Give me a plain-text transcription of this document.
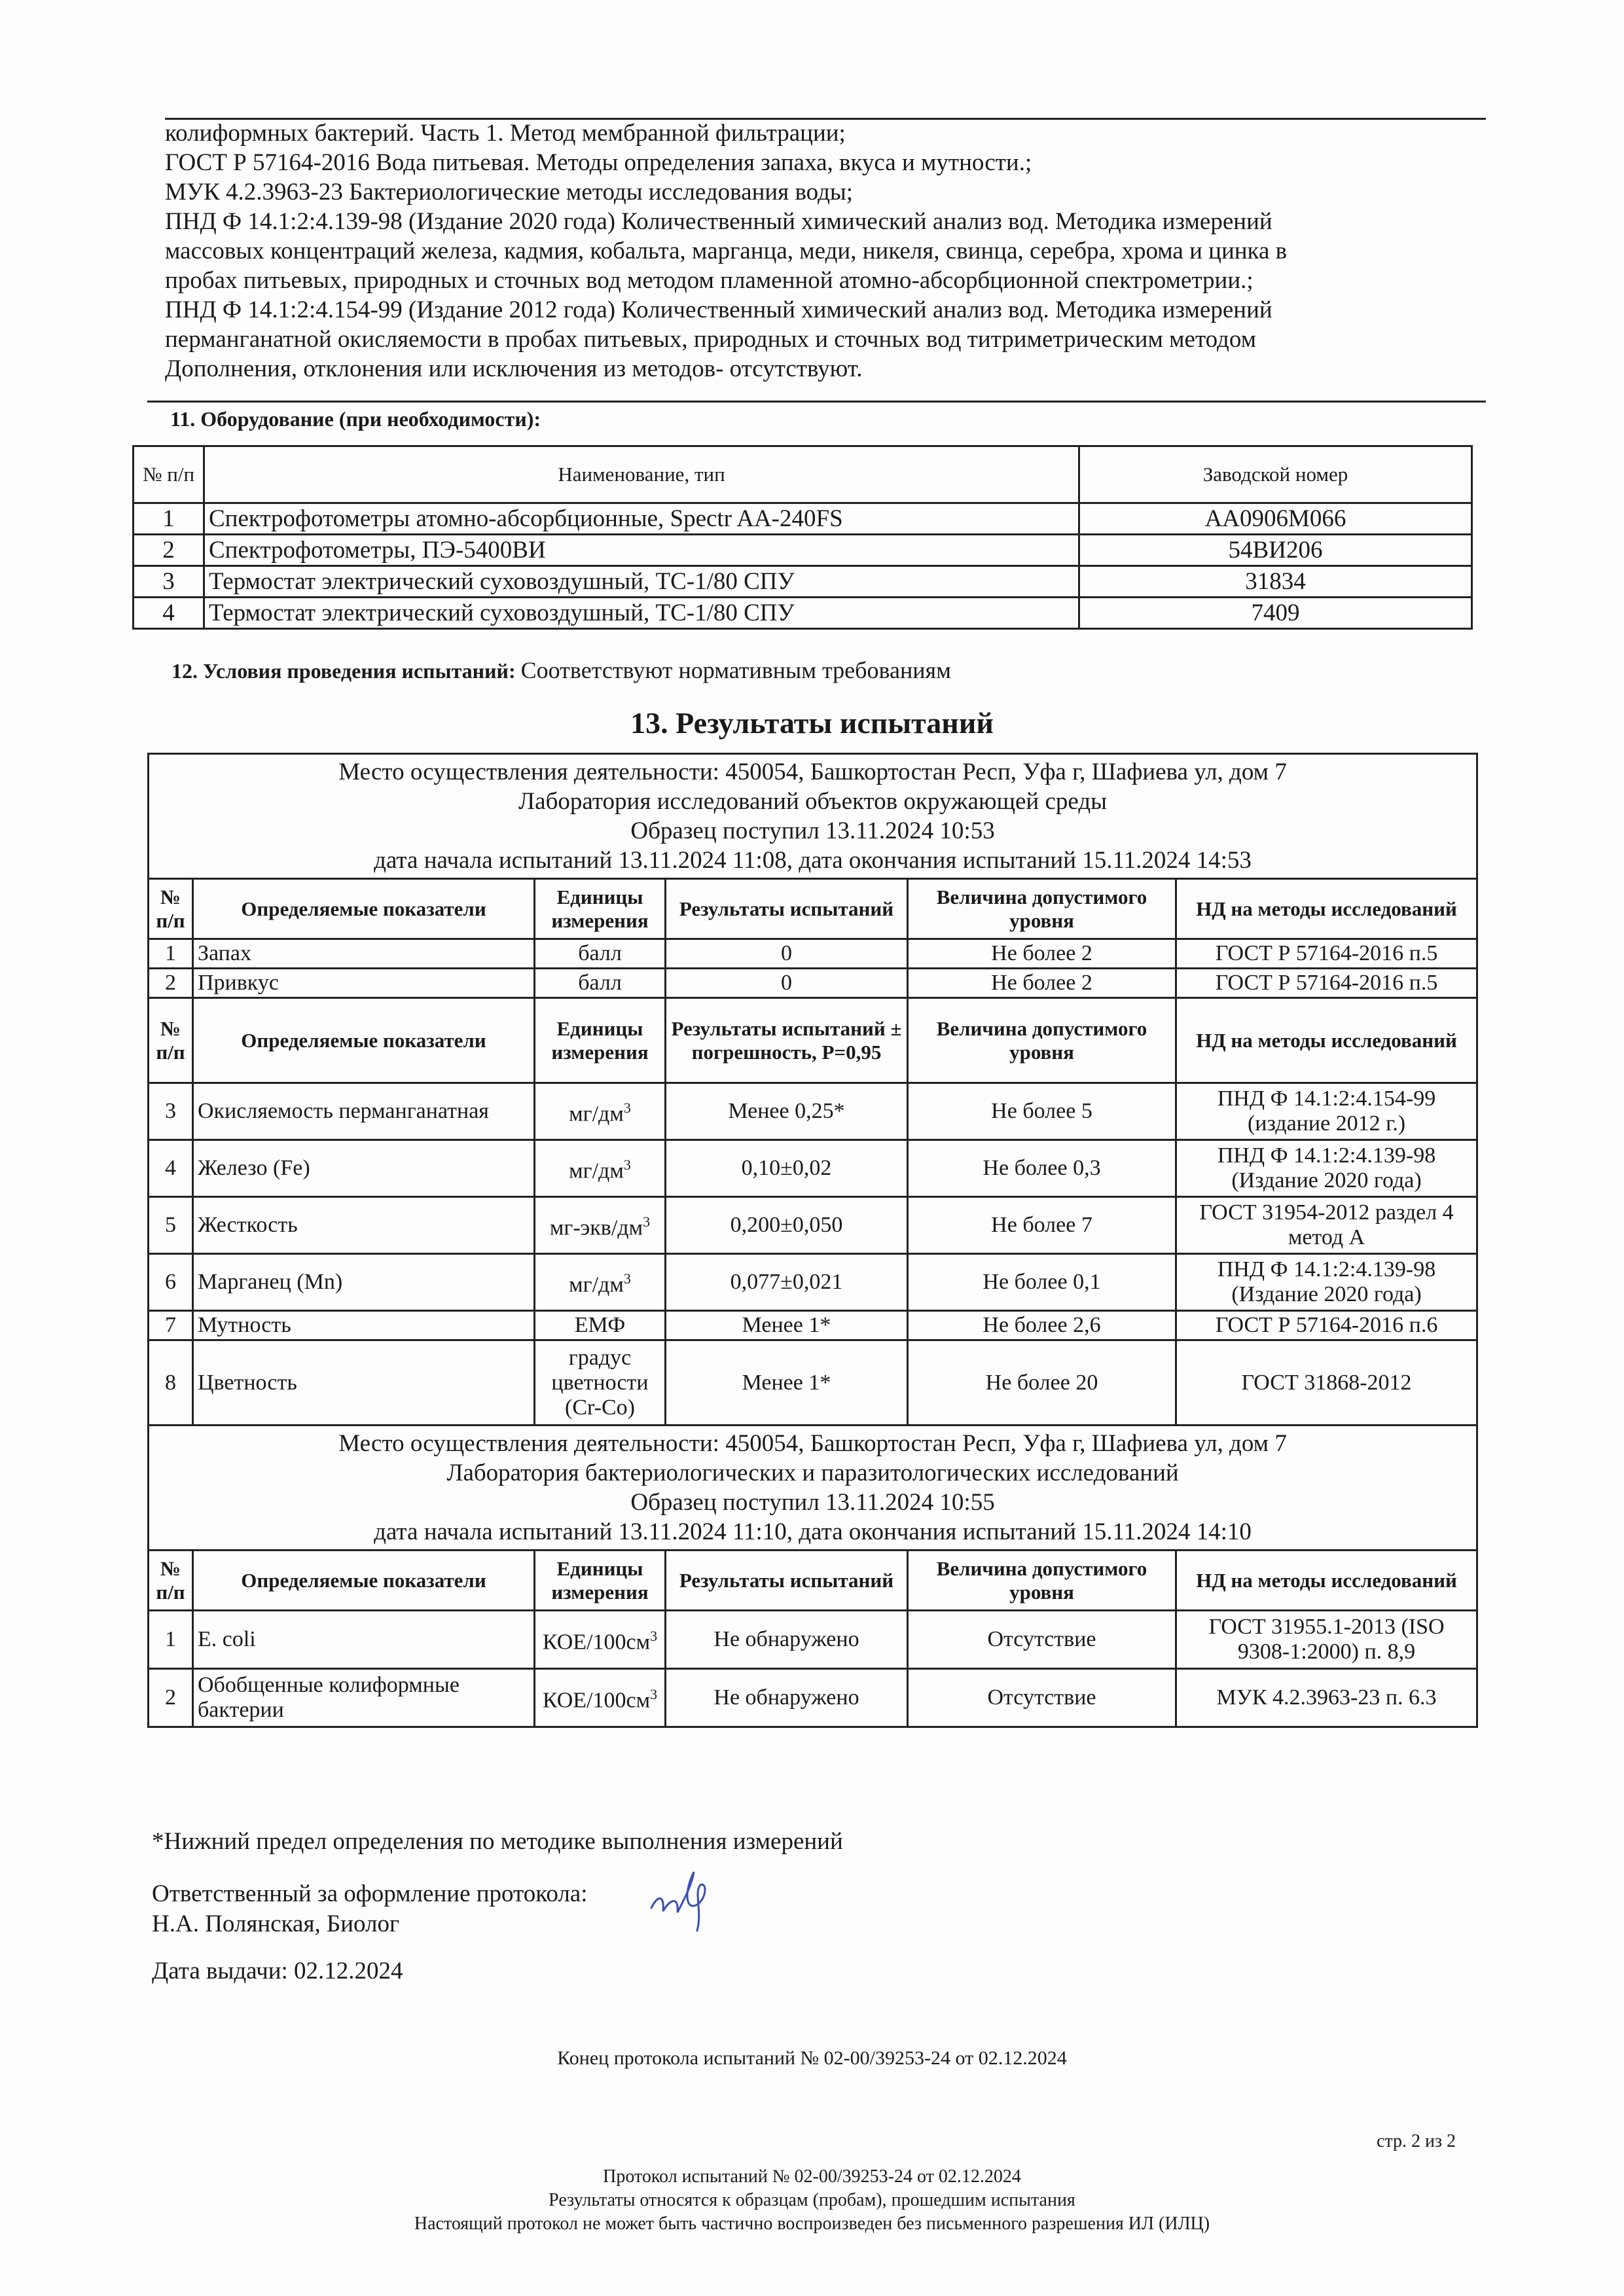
колиформных бактерий. Часть 1. Метод мембранной фильтрации;
ГОСТ Р 57164-2016 Вода питьевая. Методы определения запаха, вкуса и мутности.;
МУК 4.2.3963-23 Бактериологические методы исследования воды;
ПНД Ф 14.1:2:4.139-98 (Издание 2020 года) Количественный химический анализ вод. Методика измерений
массовых концентраций железа, кадмия, кобальта, марганца, меди, никеля, свинца, серебра, хрома и цинка в
пробах питьевых, природных и сточных вод методом пламенной атомно-абсорбционной спектрометрии.;
ПНД Ф 14.1:2:4.154-99 (Издание 2012 года) Количественный химический анализ вод. Методика измерений
перманганатной окисляемости в пробах питьевых, природных и сточных вод титриметрическим методом
Дополнения, отклонения или исключения из методов- отсутствуют.
11. Оборудование (при необходимости):
№ п/п	Наименование, тип	Заводской номер
1	Спектрофотометры атомно-абсорбционные, Spectr AA-240FS	AA0906M066
2	Спектрофотометры, ПЭ-5400ВИ	54ВИ206
3	Термостат электрический суховоздушный, ТС-1/80 СПУ	31834
4	Термостат электрический суховоздушный, ТС-1/80 СПУ	7409
12. Условия проведения испытаний: Соответствуют нормативным требованиям
13. Результаты испытаний
Место осуществления деятельности: 450054, Башкортостан Респ, Уфа г, Шафиева ул, дом 7
Лаборатория исследований объектов окружающей среды
Образец поступил 13.11.2024 10:53
дата начала испытаний 13.11.2024 11:08, дата окончания испытаний 15.11.2024 14:53					

№ п/п	Определяемые показатели	Единицы измерения	Результаты испытаний	Величина допустимого уровня	НД на методы исследований
1	Запах	балл	0	Не более 2	ГОСТ Р 57164-2016 п.5
2	Привкус	балл	0	Не более 2	ГОСТ Р 57164-2016 п.5
№ п/п	Определяемые показатели	Единицы измерения	Результаты испытаний ± погрешность, Р=0,95	Величина допустимого уровня	НД на методы исследований
3	Окисляемость перманганатная	$мг/дм^3$	Менее 0,25*	Не более 5	ПНД Ф 14.1:2:4.154-99 (издание 2012 г.)
4	Железо (Fe)	$мг/дм^3$	0,10±0,02	Не более 0,3	ПНД Ф 14.1:2:4.139-98 (Издание 2020 года)
5	Жесткость	$мг-экв/дм^3$	0,200±0,050	Не более 7	ГОСТ 31954-2012 раздел 4 метод А
6	Марганец (Mn)	$мг/дм^3$	0,077±0,021	Не более 0,1	ПНД Ф 14.1:2:4.139-98 (Издание 2020 года)
7	Мутность	ЕМФ	Менее 1*	Не более 2,6	ГОСТ Р 57164-2016 п.6
8	Цветность	градус цветности (Cr-Co)	Менее 1*	Не более 20	ГОСТ 31868-2012

Место осуществления деятельности: 450054, Башкортостан Респ, Уфа г, Шафиева ул, дом 7
Лаборатория бактериологических и паразитологических исследований
Образец поступил 13.11.2024 10:55
дата начала испытаний 13.11.2024 11:10, дата окончания испытаний 15.11.2024 14:10					

№ п/п	Определяемые показатели	Единицы измерения	Результаты испытаний	Величина допустимого уровня	НД на методы исследований
1	E. coli	КОЕ/$100см^3$	Не обнаружено	Отсутствие	ГОСТ 31955.1-2013 (ISO 9308-1:2000) п. 8,9
2	Обобщенные колиформные бактерии	КОЕ/$100см^3$	Не обнаружено	Отсутствие	МУК 4.2.3963-23 п. 6.3
*Нижний предел определения по методике выполнения измерений
Ответственный за оформление протокола:
Н.А. Полянская, Биолог
Дата выдачи: 02.12.2024
Конец протокола испытаний № 02-00/39253-24 от 02.12.2024
стр. 2 из 2
Протокол испытаний № 02-00/39253-24 от 02.12.2024
Результаты относятся к образцам (пробам), прошедшим испытания
Настоящий протокол не может быть частично воспроизведен без письменного разрешения ИЛ (ИЛЦ)
